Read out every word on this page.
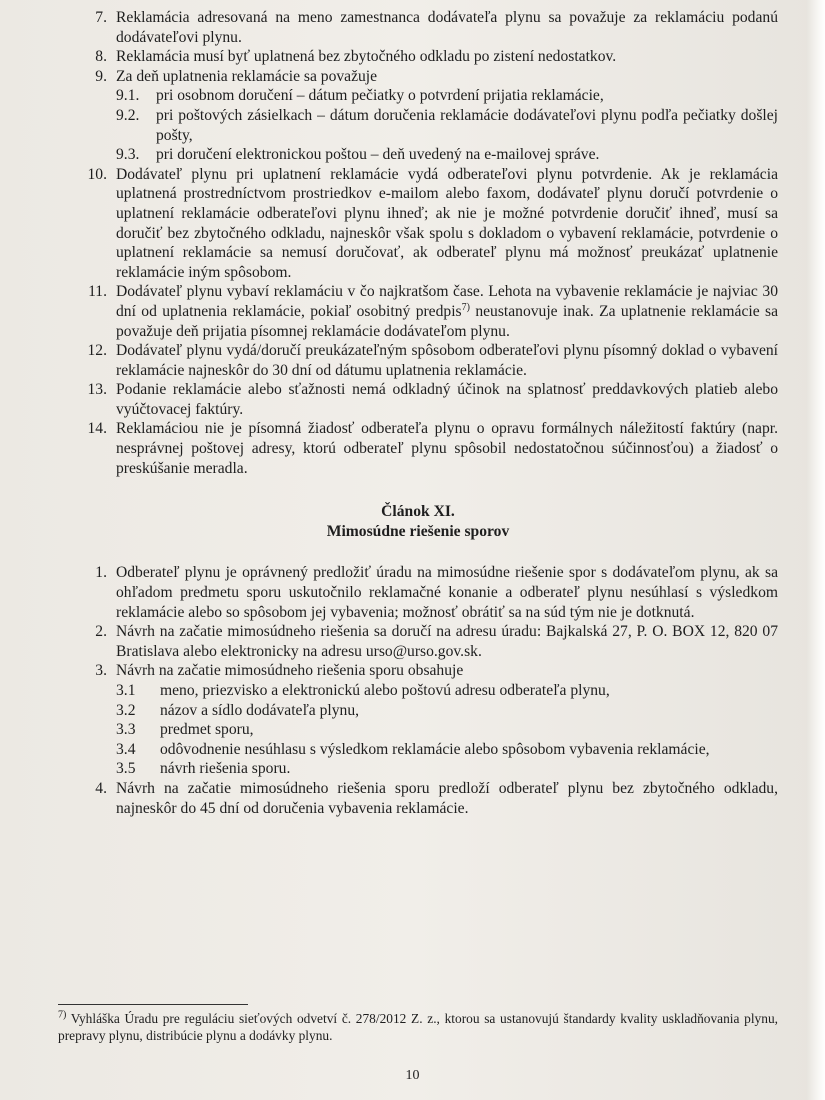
7. Reklamácia adresovaná na meno zamestnanca dodávateľa plynu sa považuje za reklamáciu podanú dodávateľovi plynu.
8. Reklamácia musí byť uplatnená bez zbytočného odkladu po zistení nedostatkov.
9. Za deň uplatnenia reklamácie sa považuje
9.1.	pri osobnom doručení – dátum pečiatky o potvrdení prijatia reklamácie,
9.2.	pri poštových zásielkach – dátum doručenia reklamácie dodávateľovi plynu podľa pečiatky došlej pošty,
9.3.	pri doručení elektronickou poštou – deň uvedený na e-mailovej správe.
10. Dodávateľ plynu pri uplatnení reklamácie vydá odberateľovi plynu potvrdenie. Ak je reklamácia uplatnená prostredníctvom prostriedkov e-mailom alebo faxom, dodávateľ plynu doručí potvrdenie o uplatnení reklamácie odberateľovi plynu ihneď; ak nie je možné potvrdenie doručiť ihneď, musí sa doručiť bez zbytočného odkladu, najneskôr však spolu s dokladom o vybavení reklamácie, potvrdenie o uplatnení reklamácie sa nemusí doručovať, ak odberateľ plynu má možnosť preukázať uplatnenie reklamácie iným spôsobom.
11. Dodávateľ plynu vybaví reklamáciu v čo najkratšom čase. Lehota na vybavenie reklamácie je najviac 30 dní od uplatnenia reklamácie, pokiaľ osobitný predpis$^{7)}$ neustanovuje inak. Za uplatnenie reklamácie sa považuje deň prijatia písomnej reklamácie dodávateľom plynu.
12. Dodávateľ plynu vydá/doručí preukázateľným spôsobom odberateľovi plynu písomný doklad o vybavení reklamácie najneskôr do 30 dní od dátumu uplatnenia reklamácie.
13. Podanie reklamácie alebo sťažnosti nemá odkladný účinok na splatnosť preddavkových platieb alebo vyúčtovacej faktúry.
14. Reklamáciou nie je písomná žiadosť odberateľa plynu o opravu formálnych náležitostí faktúry (napr. nesprávnej poštovej adresy, ktorú odberateľ plynu spôsobil nedostatočnou súčinnosťou) a žiadosť o preskúšanie meradla.
Článok XI.
Mimosúdne riešenie sporov
1. Odberateľ plynu je oprávnený predložiť úradu na mimosúdne riešenie spor s dodávateľom plynu, ak sa ohľadom predmetu sporu uskutočnilo reklamačné konanie a odberateľ plynu nesúhlasí s výsledkom reklamácie alebo so spôsobom jej vybavenia; možnosť obrátiť sa na súd tým nie je dotknutá.
2. Návrh na začatie mimosúdneho riešenia sa doručí na adresu úradu: Bajkalská 27, P. O. BOX 12, 820 07 Bratislava alebo elektronicky na adresu urso@urso.gov.sk.
3. Návrh na začatie mimosúdneho riešenia sporu obsahuje
3.1	meno, priezvisko a elektronickú alebo poštovú adresu odberateľa plynu,
3.2	názov a sídlo dodávateľa plynu,
3.3	predmet sporu,
3.4	odôvodnenie nesúhlasu s výsledkom reklamácie alebo spôsobom vybavenia reklamácie,
3.5	návrh riešenia sporu.
4. Návrh na začatie mimosúdneho riešenia sporu predloží odberateľ plynu bez zbytočného odkladu, najneskôr do 45 dní od doručenia vybavenia reklamácie.
$^{7)}$ Vyhláška Úradu pre reguláciu sieťových odvetví č. 278/2012 Z. z., ktorou sa ustanovujú štandardy kvality uskladňovania plynu, prepravy plynu, distribúcie plynu a dodávky plynu.
10
